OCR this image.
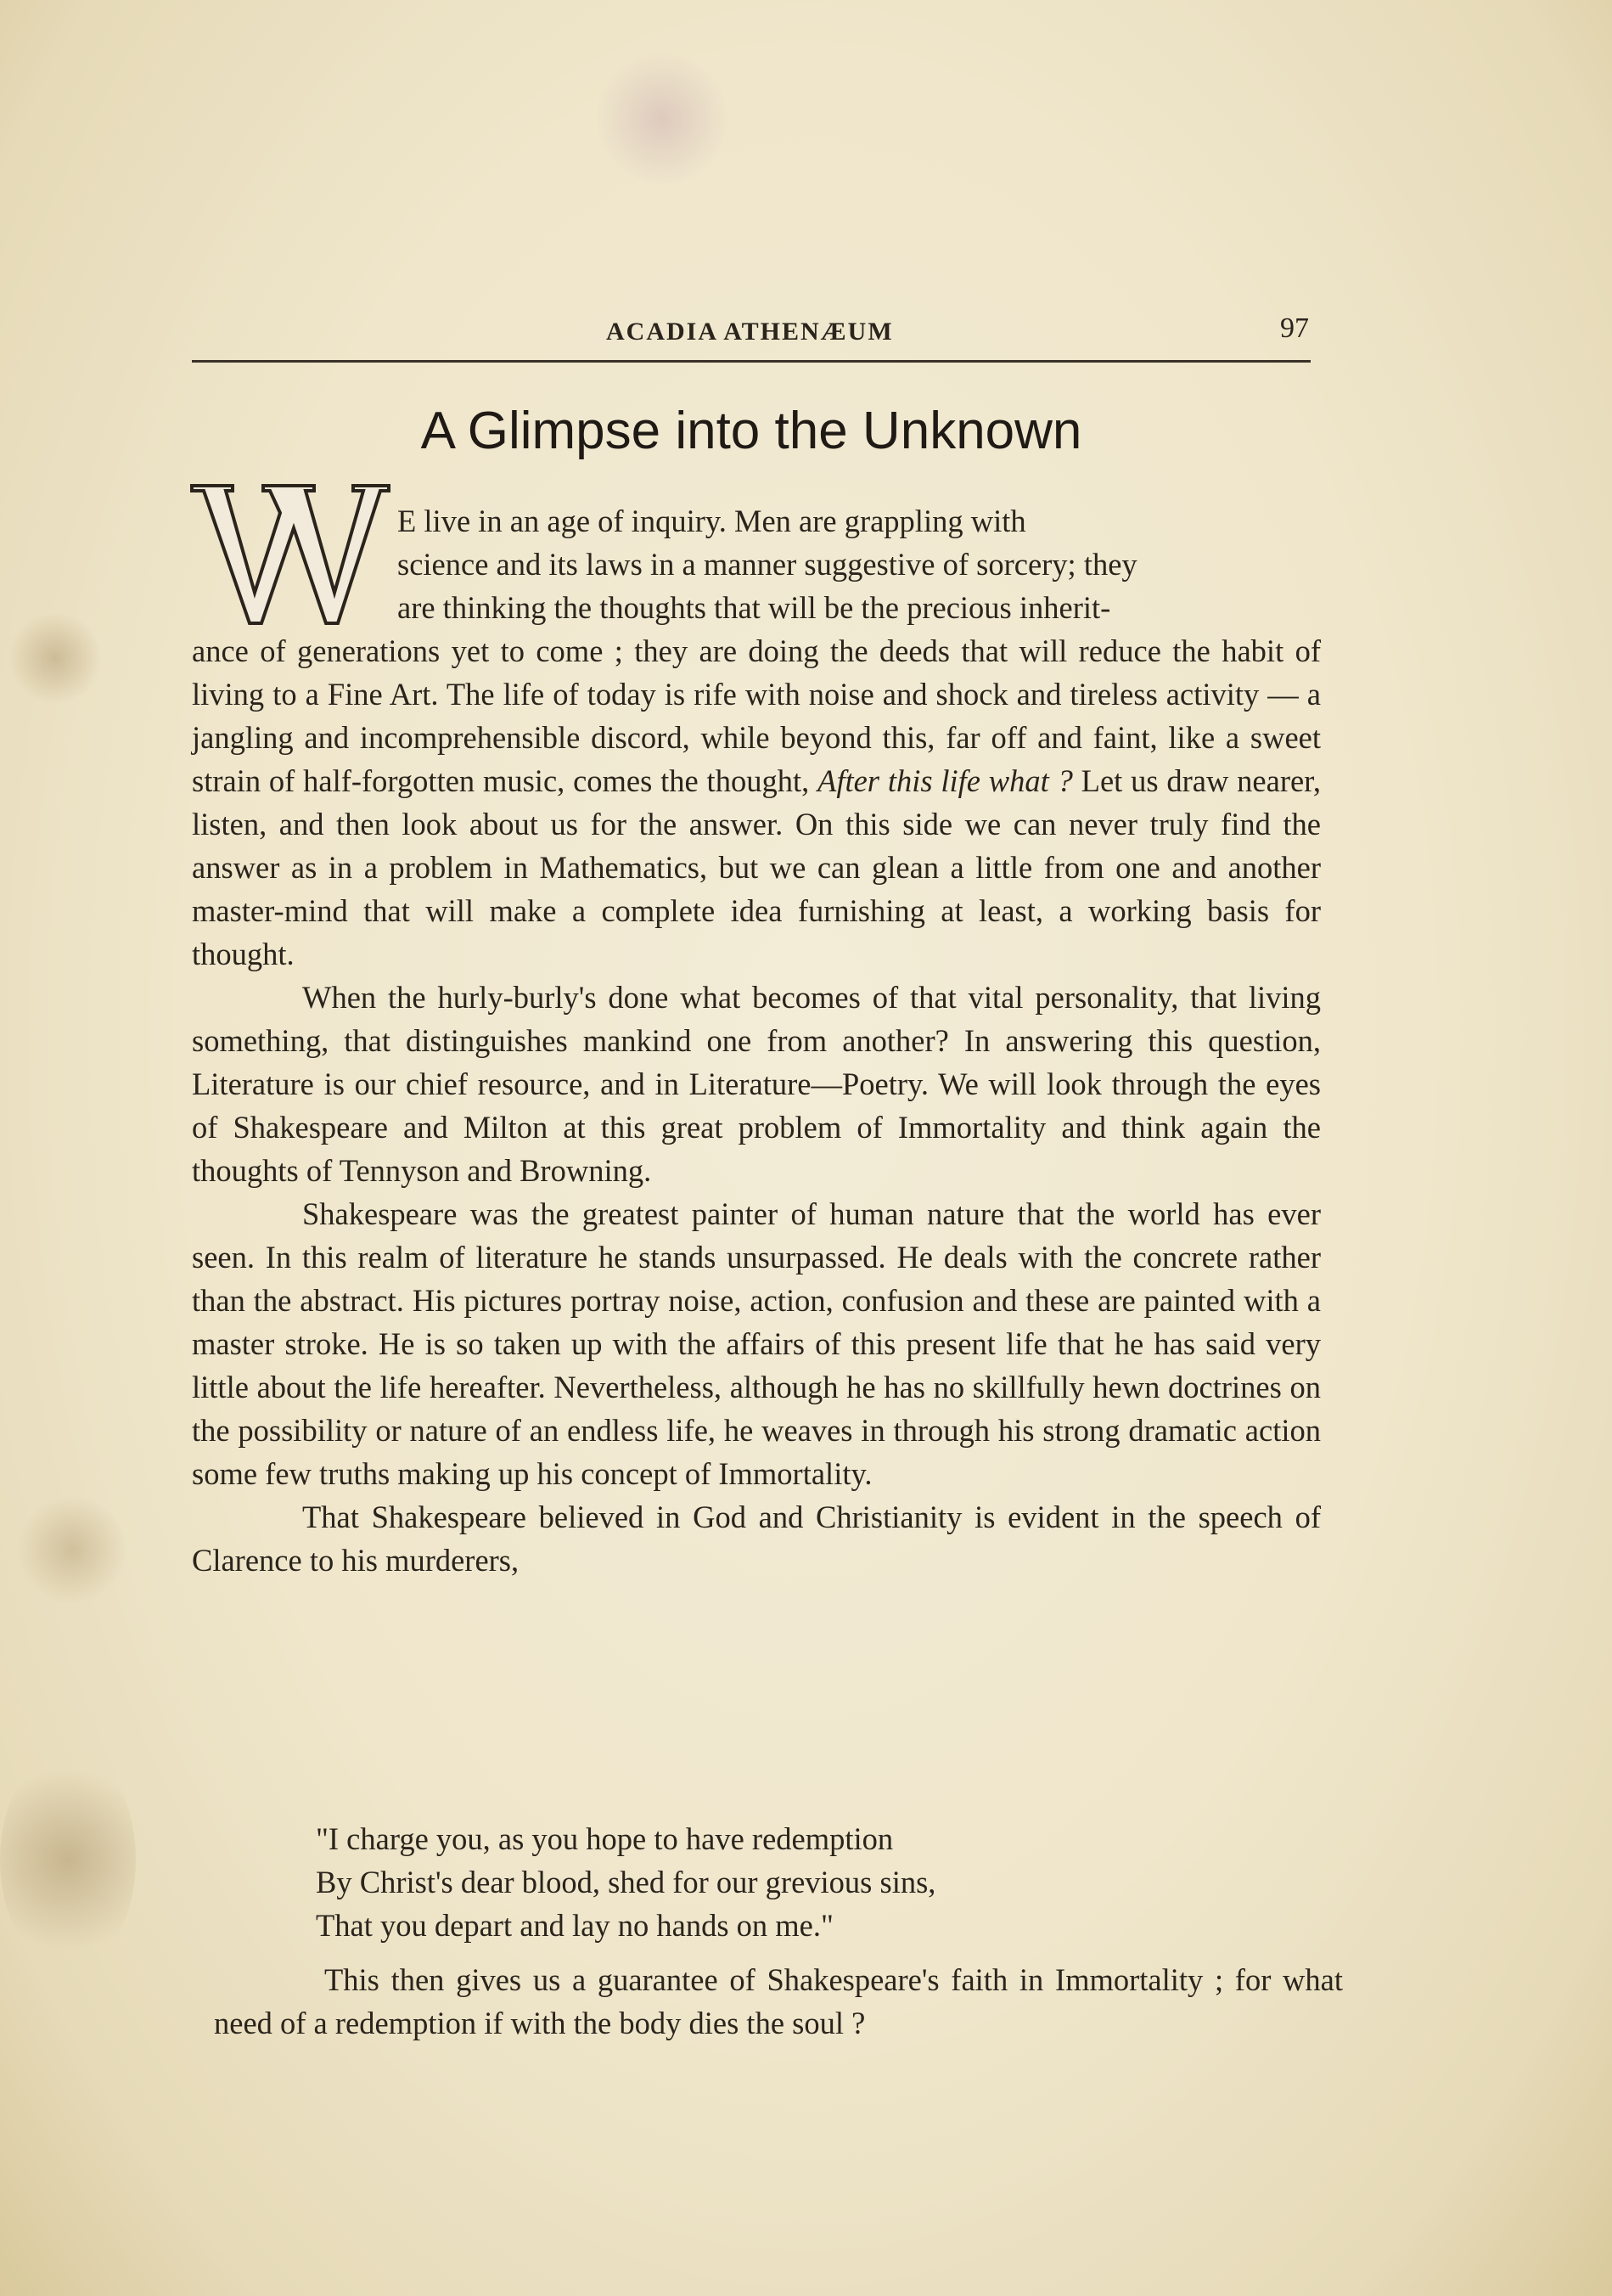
ACADIA ATHENÆUM	97
A Glimpse into the Unknown
E live in an age of inquiry. Men are grappling with
science and its laws in a manner suggestive of sorcery; they
are thinking the thoughts that will be the precious inherit-

ance of generations yet to come ; they are doing the deeds that will reduce the habit of living to a Fine Art. The life of today is rife with noise and shock and tireless activity — a jangling and incomprehensible discord, while beyond this, far off and faint, like a sweet strain of half-forgotten music, comes the thought, After this life what ? Let us draw nearer, listen, and then look about us for the answer. On this side we can never truly find the answer as in a problem in Mathematics, but we can glean a little from one and another master-mind that will make a complete idea furnishing at least, a working basis for thought.

When the hurly-burly's done what becomes of that vital personality, that living something, that distinguishes mankind one from another? In answering this question, Literature is our chief resource, and in Literature—Poetry. We will look through the eyes of Shakespeare and Milton at this great problem of Immortality and think again the thoughts of Tennyson and Browning.

Shakespeare was the greatest painter of human nature that the world has ever seen. In this realm of literature he stands unsurpassed. He deals with the concrete rather than the abstract. His pictures portray noise, action, confusion and these are painted with a master stroke. He is so taken up with the affairs of this present life that he has said very little about the life hereafter. Nevertheless, although he has no skillfully hewn doctrines on the possibility or nature of an endless life, he weaves in through his strong dramatic action some few truths making up his concept of Immortality.

That Shakespeare believed in God and Christianity is evident in the speech of Clarence to his murderers,

"I charge you, as you hope to have redemption
By Christ's dear blood, shed for our grevious sins,
That you depart and lay no hands on me."

This then gives us a guarantee of Shakespeare's faith in Immortality ; for what need of a redemption if with the body dies the soul ?
